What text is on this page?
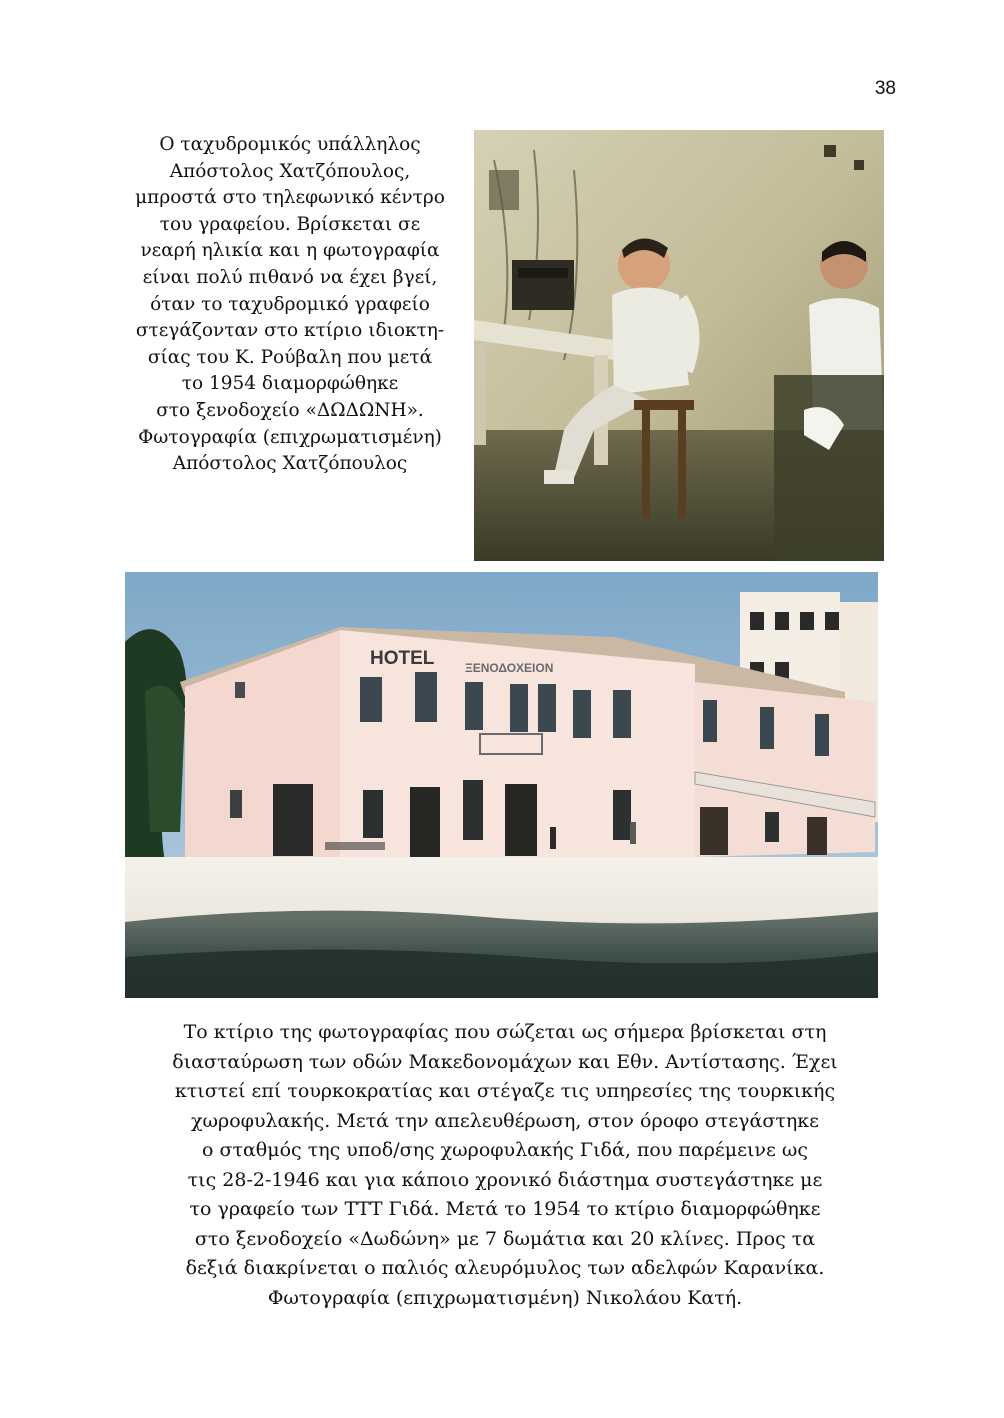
38
Ο ταχυδρομικός υπάλληλος
Απόστολος Χατζόπουλος,
μπροστά στο τηλεφωνικό κέντρο
του γραφείου. Βρίσκεται σε
νεαρή ηλικία και η φωτογραφία
είναι πολύ πιθανό να έχει βγεί,
όταν το ταχυδρομικό γραφείο
στεγάζονταν στο κτίριο ιδιοκτη-
σίας του Κ. Ρούβαλη που μετά
το 1954 διαμορφώθηκε
στο ξενοδοχείο «ΔΩΔΩΝΗ».
Φωτογραφία (επιχρωματισμένη)
Απόστολος Χατζόπουλος
HOTEL	ΞΕΝΟΔΟΧΕΙΟΝ
Το κτίριο της φωτογραφίας που σώζεται ως σήμερα βρίσκεται στη
διασταύρωση των οδών Μακεδονομάχων και Εθν. Αντίστασης. Έχει
κτιστεί επί τουρκοκρατίας και στέγαζε τις υπηρεσίες της τουρκικής
χωροφυλακής. Μετά την απελευθέρωση, στον όροφο στεγάστηκε
ο σταθμός της υποδ/σης χωροφυλακής Γιδά, που παρέμεινε ως
τις 28-2-1946 και για κάποιο χρονικό διάστημα συστεγάστηκε με
το γραφείο των ΤΤΤ Γιδά. Μετά το 1954 το κτίριο διαμορφώθηκε
στο ξενοδοχείο «Δωδώνη» με 7 δωμάτια και 20 κλίνες. Προς τα
δεξιά διακρίνεται ο παλιός αλευρόμυλος των αδελφών Καρανίκα.
Φωτογραφία (επιχρωματισμένη) Νικολάου Κατή.
